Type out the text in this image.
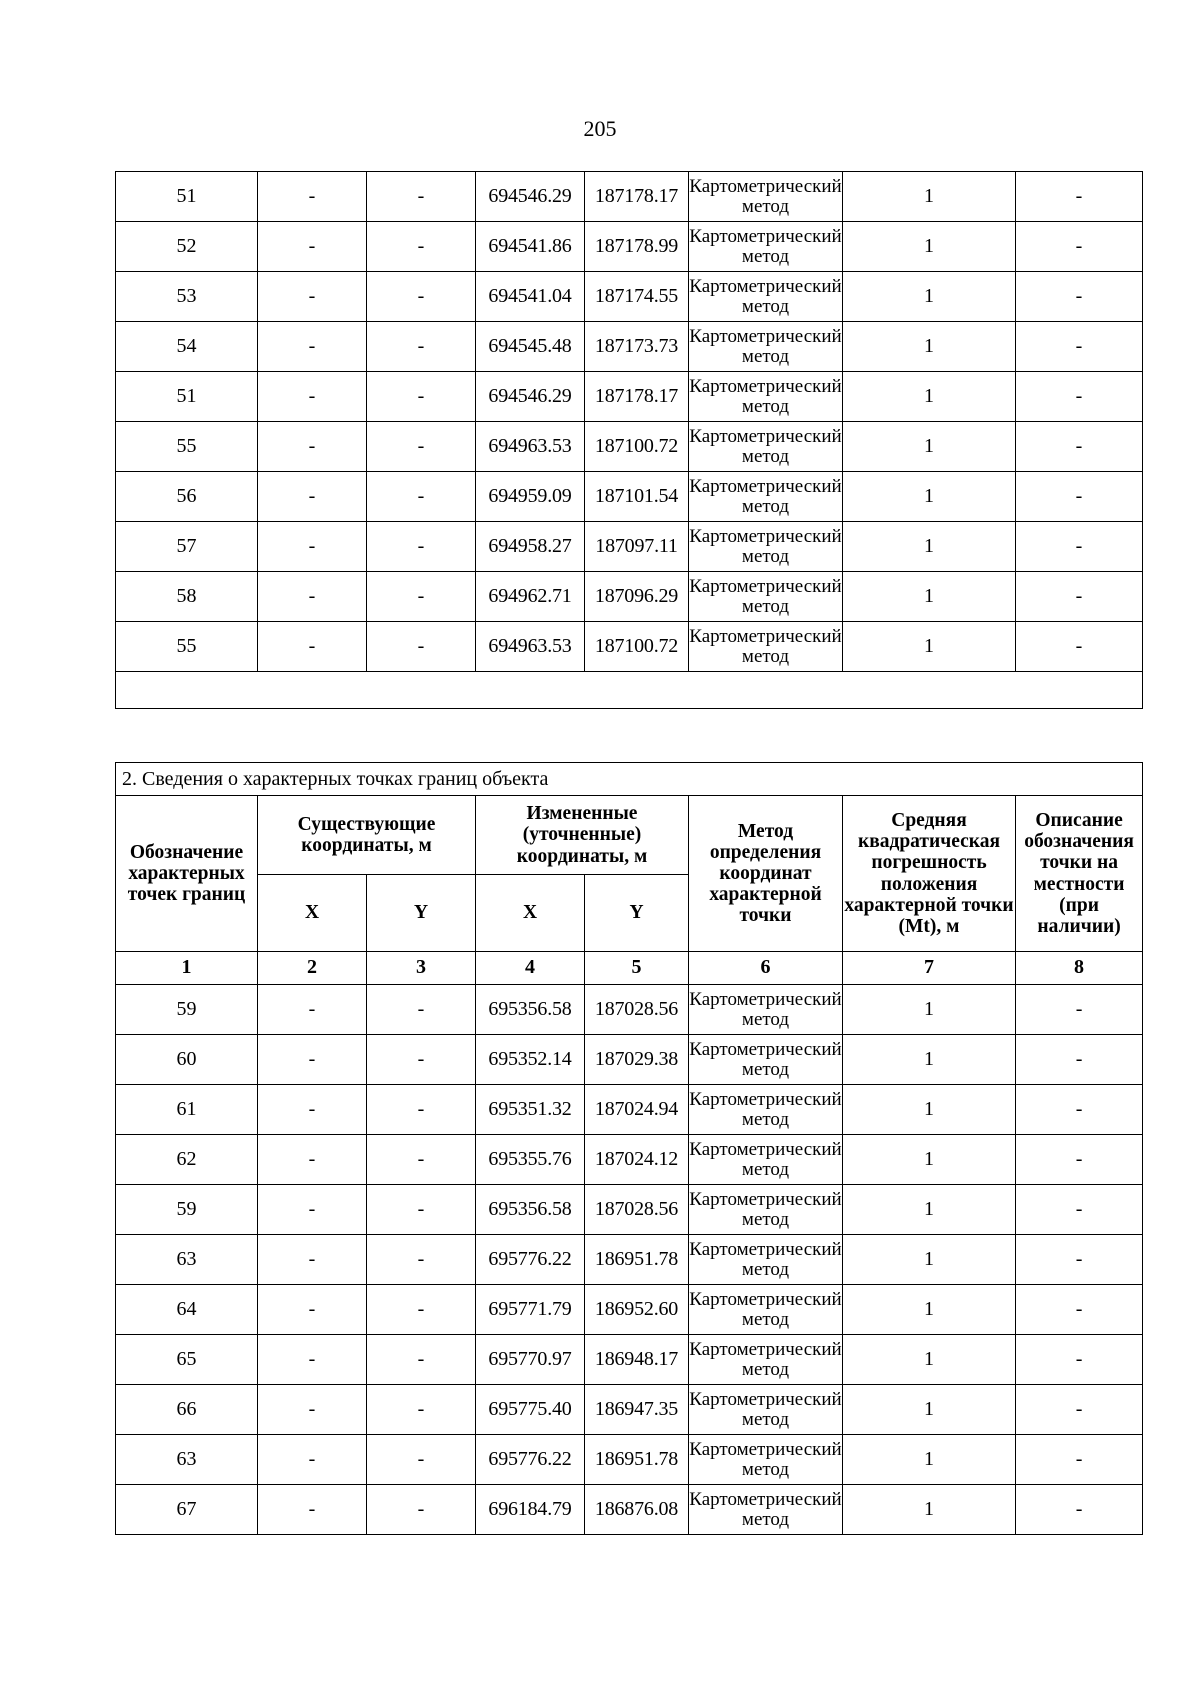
205
51	-	-	694546.29	187178.17	Картометрический метод	1	-
52	-	-	694541.86	187178.99	Картометрический метод	1	-
53	-	-	694541.04	187174.55	Картометрический метод	1	-
54	-	-	694545.48	187173.73	Картометрический метод	1	-
51	-	-	694546.29	187178.17	Картометрический метод	1	-
55	-	-	694963.53	187100.72	Картометрический метод	1	-
56	-	-	694959.09	187101.54	Картометрический метод	1	-
57	-	-	694958.27	187097.11	Картометрический метод	1	-
58	-	-	694962.71	187096.29	Картометрический метод	1	-
55	-	-	694963.53	187100.72	Картометрический метод	1	-

2. Сведения о характерных точках границ объекта							
Обозначение характерных точек границ	Существующие координаты, м		Измененные (уточненные) координаты, м		Метод определения координат характерной точки	Средняя квадратическая погрешность положения характерной точки (Mt), м	Описание обозначения точки на местности (при наличии)
	X	Y	X	Y			
1	2	3	4	5	6	7	8
59	-	-	695356.58	187028.56	Картометрический метод	1	-
60	-	-	695352.14	187029.38	Картометрический метод	1	-
61	-	-	695351.32	187024.94	Картометрический метод	1	-
62	-	-	695355.76	187024.12	Картометрический метод	1	-
59	-	-	695356.58	187028.56	Картометрический метод	1	-
63	-	-	695776.22	186951.78	Картометрический метод	1	-
64	-	-	695771.79	186952.60	Картометрический метод	1	-
65	-	-	695770.97	186948.17	Картометрический метод	1	-
66	-	-	695775.40	186947.35	Картометрический метод	1	-
63	-	-	695776.22	186951.78	Картометрический метод	1	-
67	-	-	696184.79	186876.08	Картометрический метод	1	-
